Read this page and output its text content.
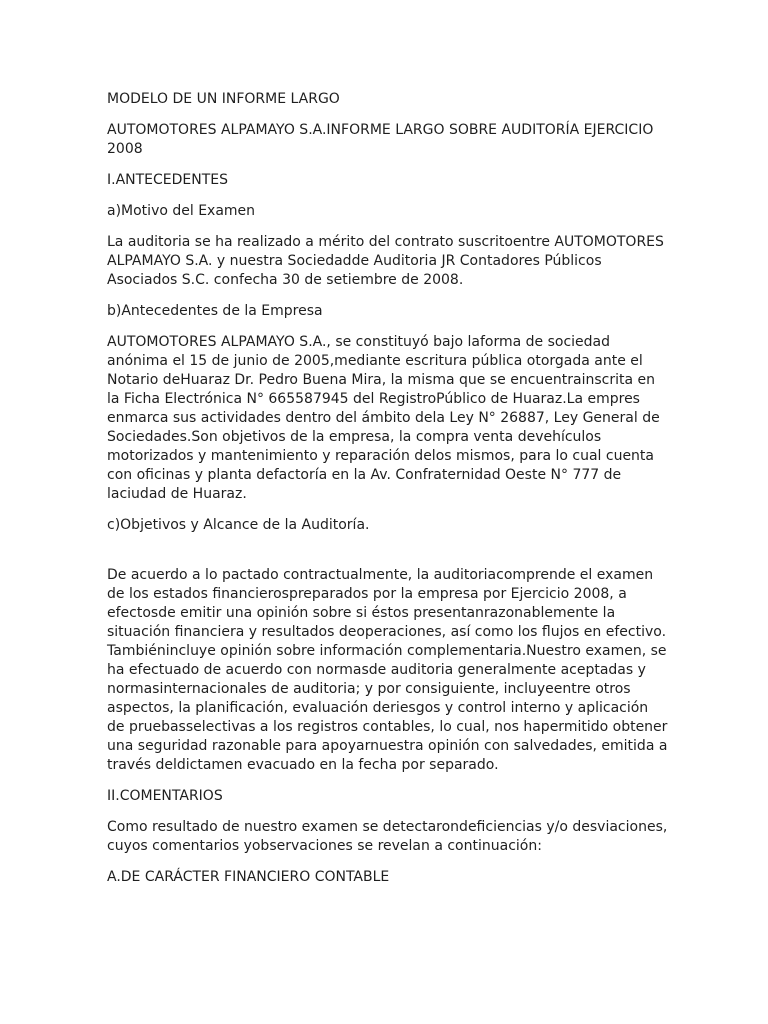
MODELO DE UN INFORME LARGO

AUTOMOTORES ALPAMAYO S.A.INFORME LARGO SOBRE AUDITORÍA EJERCICIO 2008

I.ANTECEDENTES

a)Motivo del Examen

La auditoria se ha realizado a mérito del contrato suscritoentre AUTOMOTORES ALPAMAYO S.A. y nuestra Sociedadde Auditoria JR Contadores Públicos Asociados S.C. confecha 30 de setiembre de 2008.

b)Antecedentes de la Empresa

AUTOMOTORES ALPAMAYO S.A., se constituyó bajo laforma de sociedad anónima el 15 de junio de 2005,mediante escritura pública otorgada ante el Notario deHuaraz Dr. Pedro Buena Mira, la misma que se encuentrainscrita en la Ficha Electrónica N° 665587945 del RegistroPúblico de Huaraz.La empres enmarca sus actividades dentro del ámbito dela Ley N° 26887, Ley General de Sociedades.Son objetivos de la empresa, la compra venta devehículos motorizados y mantenimiento y reparación delos mismos, para lo cual cuenta con oficinas y planta defactoría en la Av. Confraternidad Oeste N° 777 de laciudad de Huaraz.

c)Objetivos y Alcance de la Auditoría.

De acuerdo a lo pactado contractualmente, la auditoriacomprende el examen de los estados financierospreparados por la empresa por Ejercicio 2008, a efectosde emitir una opinión sobre si éstos presentanrazonablemente la situación financiera y resultados deoperaciones, así como los flujos en efectivo. Tambiénincluye opinión sobre información complementaria.Nuestro examen, se ha efectuado de acuerdo con normasde auditoria generalmente aceptadas y normasinternacionales de auditoria; y por consiguiente, incluyeentre otros aspectos, la planificación, evaluación deriesgos y control interno y aplicación de pruebasselectivas a los registros contables, lo cual, nos hapermitido obtener una seguridad razonable para apoyarnuestra opinión con salvedades, emitida a través deldictamen evacuado en la fecha por separado.

II.COMENTARIOS

Como resultado de nuestro examen se detectarondeficiencias y/o desviaciones, cuyos comentarios yobservaciones se revelan a continuación:

A.DE CARÁCTER FINANCIERO CONTABLE
